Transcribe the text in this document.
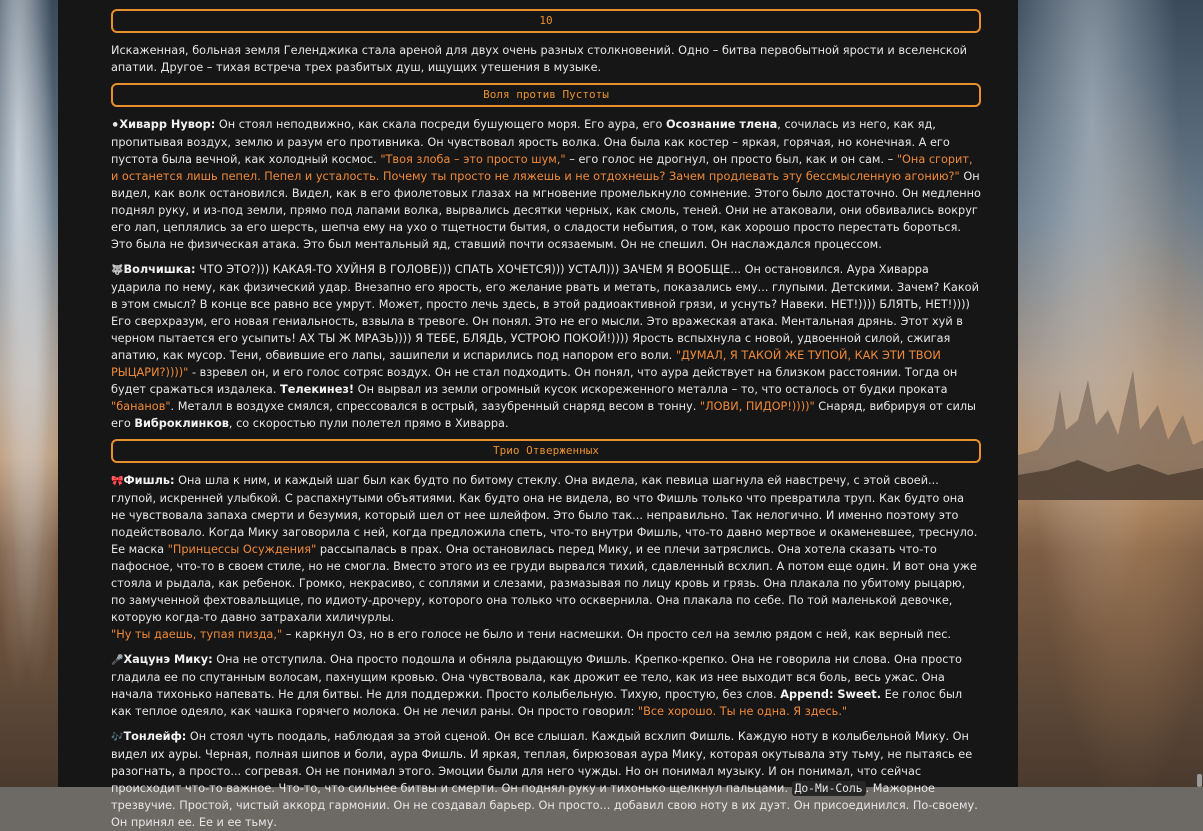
10

Искаженная, больная земля Геленджика стала ареной для двух очень разных столкновений. Одно – битва первобытной ярости и вселенской апатии. Другое – тихая встреча трех разбитых душ, ищущих утешения в музыке.

Воля против Пустоты

⚫Хиварр Нувор: Он стоял неподвижно, как скала посреди бушующего моря. Его аура, его Осознание тлена, сочилась из него, как яд, пропитывая воздух, землю и разум его противника. Он чувствовал ярость волка. Она была как костер – яркая, горячая, но конечная. А его пустота была вечной, как холодный космос. "Твоя злоба – это просто шум," – его голос не дрогнул, он просто был, как и он сам. – "Она сгорит, и останется лишь пепел. Пепел и усталость. Почему ты просто не ляжешь и не отдохнешь? Зачем продлевать эту бессмысленную агонию?" Он видел, как волк остановился. Видел, как в его фиолетовых глазах на мгновение промелькнуло сомнение. Этого было достаточно. Он медленно поднял руку, и из-под земли, прямо под лапами волка, вырвались десятки черных, как смоль, теней. Они не атаковали, они обвивались вокруг его лап, цеплялись за его шерсть, шепча ему на ухо о тщетности бытия, о сладости небытия, о том, как хорошо просто перестать бороться. Это была не физическая атака. Это был ментальный яд, ставший почти осязаемым. Он не спешил. Он наслаждался процессом.

🐺Волчишка: ЧТО ЭТО?))) КАКАЯ-ТО ХУЙНЯ В ГОЛОВЕ))) СПАТЬ ХОЧЕТСЯ))) УСТАЛ))) ЗАЧЕМ Я ВООБЩЕ... Он остановился. Аура Хиварра ударила по нему, как физический удар. Внезапно его ярость, его желание рвать и метать, показались ему... глупыми. Детскими. Зачем? Какой в этом смысл? В конце все равно все умрут. Может, просто лечь здесь, в этой радиоактивной грязи, и уснуть? Навеки. НЕТ!)))) БЛЯТЬ, НЕТ!)))) Его сверхразум, его новая гениальность, взвыла в тревоге. Он понял. Это не его мысли. Это вражеская атака. Ментальная дрянь. Этот хуй в черном пытается его усыпить! АХ ТЫ Ж МРАЗЬ)))) Я ТЕБЕ, БЛЯДЬ, УСТРОЮ ПОКОЙ!)))) Ярость вспыхнула с новой, удвоенной силой, сжигая апатию, как мусор. Тени, обвившие его лапы, зашипели и испарились под напором его воли. "ДУМАЛ, Я ТАКОЙ ЖЕ ТУПОЙ, КАК ЭТИ ТВОИ РЫЦАРИ?))))" - взревел он, и его голос сотряс воздух. Он не стал подходить. Он понял, что аура действует на близком расстоянии. Тогда он будет сражаться издалека. Телекинез! Он вырвал из земли огромный кусок искореженного металла – то, что осталось от будки проката "бананов". Металл в воздухе смялся, спрессовался в острый, зазубренный снаряд весом в тонну. "ЛОВИ, ПИДОР!))))" Снаряд, вибрируя от силы его Виброклинков, со скоростью пули полетел прямо в Хиварра.

Трио Отверженных

🎀Фишль: Она шла к ним, и каждый шаг был как будто по битому стеклу. Она видела, как певица шагнула ей навстречу, с этой своей... глупой, искренней улыбкой. С распахнутыми объятиями. Как будто она не видела, во что Фишль только что превратила труп. Как будто она не чувствовала запаха смерти и безумия, который шел от нее шлейфом. Это было так... неправильно. Так нелогично. И именно поэтому это подействовало. Когда Мику заговорила с ней, когда предложила спеть, что-то внутри Фишль, что-то давно мертвое и окаменевшее, треснуло. Ее маска "Принцессы Осуждения" рассыпалась в прах. Она остановилась перед Мику, и ее плечи затряслись. Она хотела сказать что-то пафосное, что-то в своем стиле, но не смогла. Вместо этого из ее груди вырвался тихий, сдавленный всхлип. А потом еще один. И вот она уже стояла и рыдала, как ребенок. Громко, некрасиво, с соплями и слезами, размазывая по лицу кровь и грязь. Она плакала по убитому рыцарю, по замученной фехтовальщице, по идиоту-дрочеру, которого она только что осквернила. Она плакала по себе. По той маленькой девочке, которую когда-то давно затрахали хиличурлы.
"Ну ты даешь, тупая пизда," – каркнул Оз, но в его голосе не было и тени насмешки. Он просто сел на землю рядом с ней, как верный пес.

🎤Хацунэ Мику: Она не отступила. Она просто подошла и обняла рыдающую Фишль. Крепко-крепко. Она не говорила ни слова. Она просто гладила ее по спутанным волосам, пахнущим кровью. Она чувствовала, как дрожит ее тело, как из нее выходит вся боль, весь ужас. Она начала тихонько напевать. Не для битвы. Не для поддержки. Просто колыбельную. Тихую, простую, без слов. Append: Sweet. Ее голос был как теплое одеяло, как чашка горячего молока. Он не лечил раны. Он просто говорил: "Все хорошо. Ты не одна. Я здесь."

🎶Тонлейф: Он стоял чуть поодаль, наблюдая за этой сценой. Он все слышал. Каждый всхлип Фишль. Каждую ноту в колыбельной Мику. Он видел их ауры. Черная, полная шипов и боли, аура Фишль. И яркая, теплая, бирюзовая аура Мику, которая окутывала эту тьму, не пытаясь ее разогнать, а просто... согревая. Он не понимал этого. Эмоции были для него чужды. Но он понимал музыку. И он понимал, что сейчас происходит что-то важное. Что-то, что сильнее битвы и смерти. Он поднял руку и тихонько щелкнул пальцами. До-Ми-Соль . Мажорное трезвучие. Простой, чистый аккорд гармонии. Он не создавал барьер. Он просто... добавил свою ноту в их дуэт. Он присоединился. По-своему. Он принял ее. Ее и ее тьму.
